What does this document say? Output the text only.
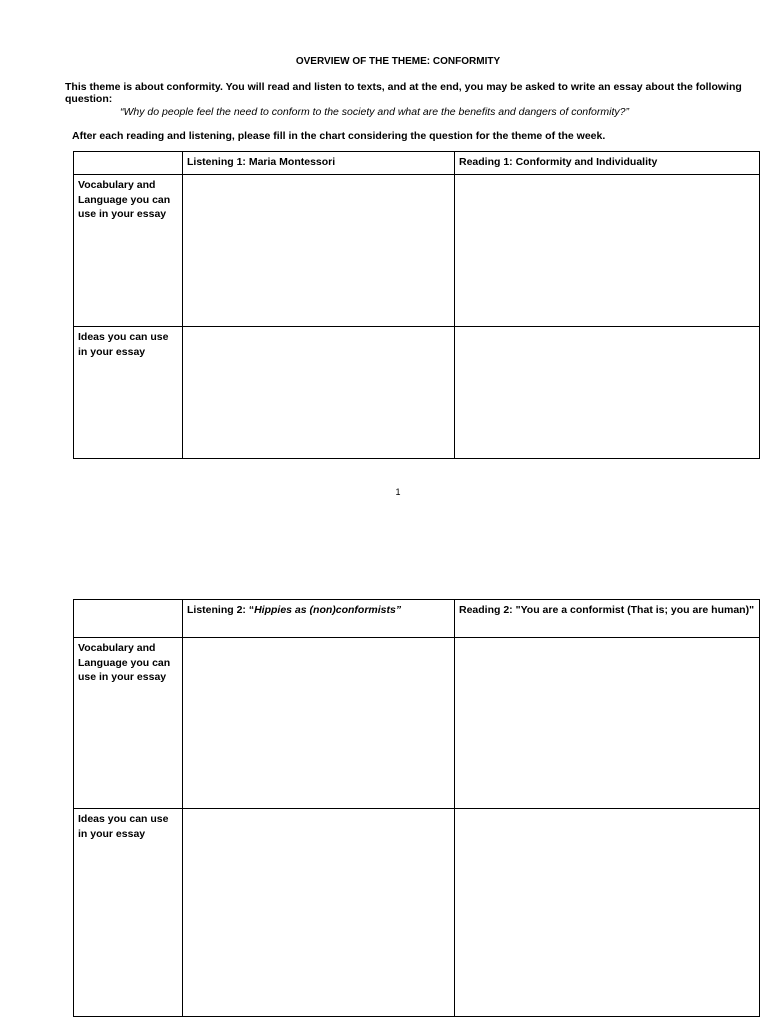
OVERVIEW OF THE THEME: CONFORMITY
This theme is about conformity. You will read and listen to texts, and at the end, you may be asked to write an essay about the following question:
“Why do people feel the need to conform to the society and what are the benefits and dangers of conformity?”
After each reading and listening, please fill in the chart considering the question for the theme of the week.
	Listening 1: Maria Montessori	Reading 1: Conformity and Individuality
Vocabulary and Language you can use in your essay		
Ideas you can use in your essay		
1
	Listening 2: “Hippies as (non)conformists”	Reading 2: "You are a conformist (That is; you are human)"
Vocabulary and Language you can use in your essay		
Ideas you can use in your essay		
